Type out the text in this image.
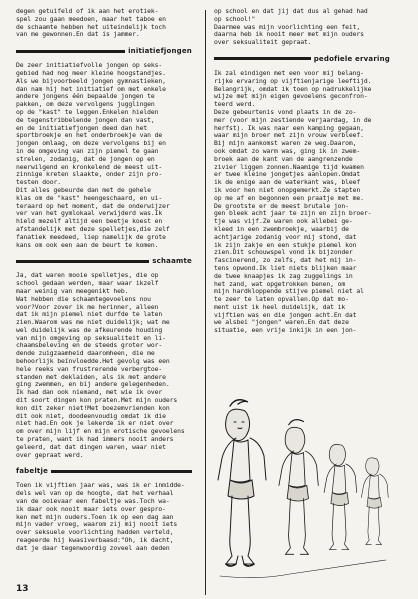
degen getuifeld of ik aan het erotiek-
spel zou gaan meedoen, maar het taboe en
de schaamte hebben het uiteindelijk toch
van me gewonnen.En dat is jammer.

initiatiefjongen

De zeer initiatiefvolle jongen op seks-
gebied had nog meer kleine hoogstandjes.
Als we bijvoorbeeld jongen gymnastieken,
dan nam hij het initiatief om met enkele
andere jongens één bepaalde jongen te
pakken, om deze vervolgens jugglingen
op de "kast" te leggen.Enkelen hielden
de tegenstribbelende jongen dan vast,
en de initiatiefjongen deed dan het
sportbroekje en het onderbroekje van de
jongen omlaag, om deze vervolgens bij en
in de omgeving van zijn piemel te gaan
strelen, zodanig, dat de jongen op en
neerwilgend en kronkelend de meest uit-
zinnige kreten slaakte, onder zijn pro-
testen door.

Dit alles gebeurde dan met de gehele
klas om de "kast" heengeschaard, en ui-
teraard op het moment, dat de onderwijzer
ver van het gymlokaal verwijderd was.Ik
hield mezelf altijd een beetje koest en
afstandelijk met deze spelletjes,die zelf
fanatiek meedeed, liep namelijk de grote
kans om ook een aan de beurt te komen.

schaamte

Ja, dat waren mooie spelletjes, die op
school gedaan werden, maar waar ikzelf
maar weinig van meegenikt heb.
Wat hebben die schaamtegevoelens nou
voor?Voor zover ik me herinner, alleen
dat ik mijn piemel niet durfde te laten
zien.Waarom was me niet duidelijk; wat me
wel duidelijk was de afkeurende houding
van mijn omgeving op seksualiteit en li-
chaamsbeleving en de steeds groter wor-
dende zuigzaamheid daaromheen, die me
behoorlijk beïnvloedde.Het gevolg was een
hele reeks van frustrerende verbergtoe-
standen met deklaiden, als ik met andere
ging zwemmen, en bij andere gelegenheden.
Ik had dan ook niemand, met wie ik over
dit soort dingen kon praten.Met mijn ouders
kon dit zeker niet!Met boezemvrienden kon
dit ook niet, doodeenvoudig omdat ik die
niet had.En ook je lekerde ik er niet over
om over mijn lijf en mijn erotische gevoelens
te praten, want ik had immers nooit anders
geleerd, dat dat dingen waren, waar niet
over gepraat werd.

fabeltje

Toen ik vijftien jaar was, was ik er inmidde-
dels wel van op de hoogte, dat het verhaal
van de ooievaar een fabeltje was.Toch wa-
ik daar ook nooit maar iets over gespro-
ken met mijn ouders.Toen ik op een dag aan
mijn vader vroeg, waarom zij mij nooit iets
over seksuele voorlichting hadden verteld,
reageerde hij kwasiverbaasd:"Oh, ik dacht,
dat je daar tegenwoordig zoveel aan deden

op school en dat jij dat dus al gehad had
op school!"
Daarmee was mijn voorlichting een feit,
daarna heb ik nooit meer met mijn ouders
over seksualiteit gepraat.

pedofiele ervaring

Ik zal eindigen met een voor mij belang-
rijke ervaring op vijftienjarige leeftijd.
Belangrijk, omdat ik toen op nadrukkelijke
wijze met mijn eigen gevoelens geconfron-
teerd werd.
Deze gebeurtenis vond plaats in de zo-
mer (voor mijn zestiende verjaardag, in de
herfst). Ik was naar een kamping gegaan,
waar mijn broer met zijn vrouw verbleef.
Bij mijn aankomst waren ze weg.Daarom,
ook omdat zo warm was, ging ik in zwem-
broek aan de kant van de aangrenzende
zivier liggen zonnen.Naamige tijd kwamen
er twee kleine jongetjes aanlopen.Omdat
ik de enige aan de waterkant was, bleef
ik voor hen niet onopgemerkt.Ze stapten
op me af en begonnen een praatje met me.
De grootste er de meest brutale jon-
gen bleek acht jaar te zijn en zijn broer-
tje was vijf.Ze waren ook allebei ge-
kleed in een zwembroekje, waarbij de
achtjarige zodanig voor mij stond, dat
ik zijn zakje en een stukje piemel kon
zien.Dit schouwspel vond ik bijzonder
fascinerend, zo zelfs, dat het mij in-
tens opwond.Ik liet niets blijken maar
de twee knaapjes ik zag zuggelings in
het zand, wat opgetrokken benen, om
mijn hardkloppende stijve piemel niet al
te zeer te laten opvallen.Op dat mo-
ment uist ik heel duidelijk, dat ik
vijftien was en die jongen acht.En dat
we alsbei "jongen" waren.En dat deze
situatie, een vrije inkijk in een jon-

13
